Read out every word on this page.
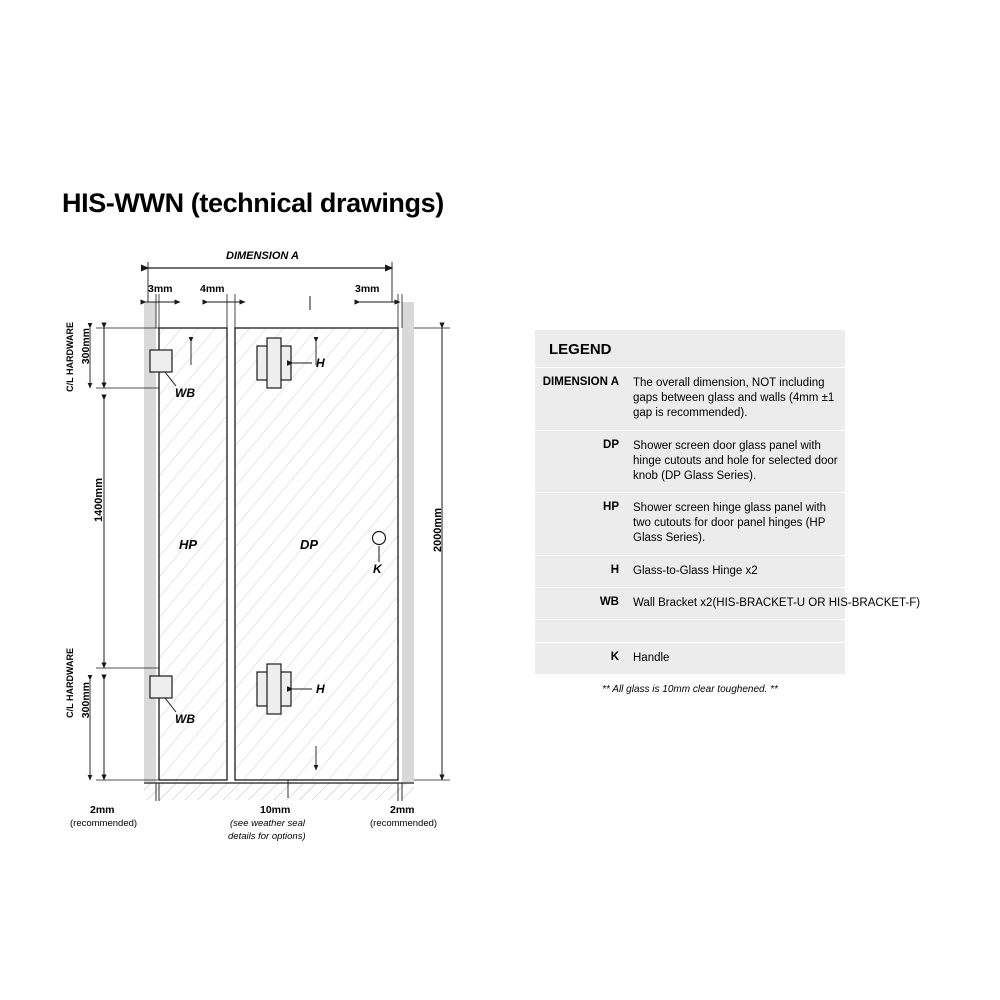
HIS-WWN (technical drawings)
DIMENSION A
3mm	4mm	3mm
300mm
C/L HARDWARE
1400mm
300mm
C/L HARDWARE
2000mm
HP	DP
H
H
WB
WB
K
2mm
(recommended)
10mm
(see weather seal
details for options)
2mm
(recommended)
LEGEND
DIMENSION A	The overall dimension, NOT including gaps between glass and walls (4mm ±1 gap is recommended).
DP	Shower screen door glass panel with hinge cutouts and hole for selected door knob (DP Glass Series).
HP	Shower screen hinge glass panel with two cutouts for door panel hinges (HP Glass Series).
H	Glass-to-Glass Hinge x2
WB	Wall Bracket x2(HIS-BRACKET-U OR HIS-BRACKET-F)
K	Handle
** All glass is 10mm clear toughened. **
